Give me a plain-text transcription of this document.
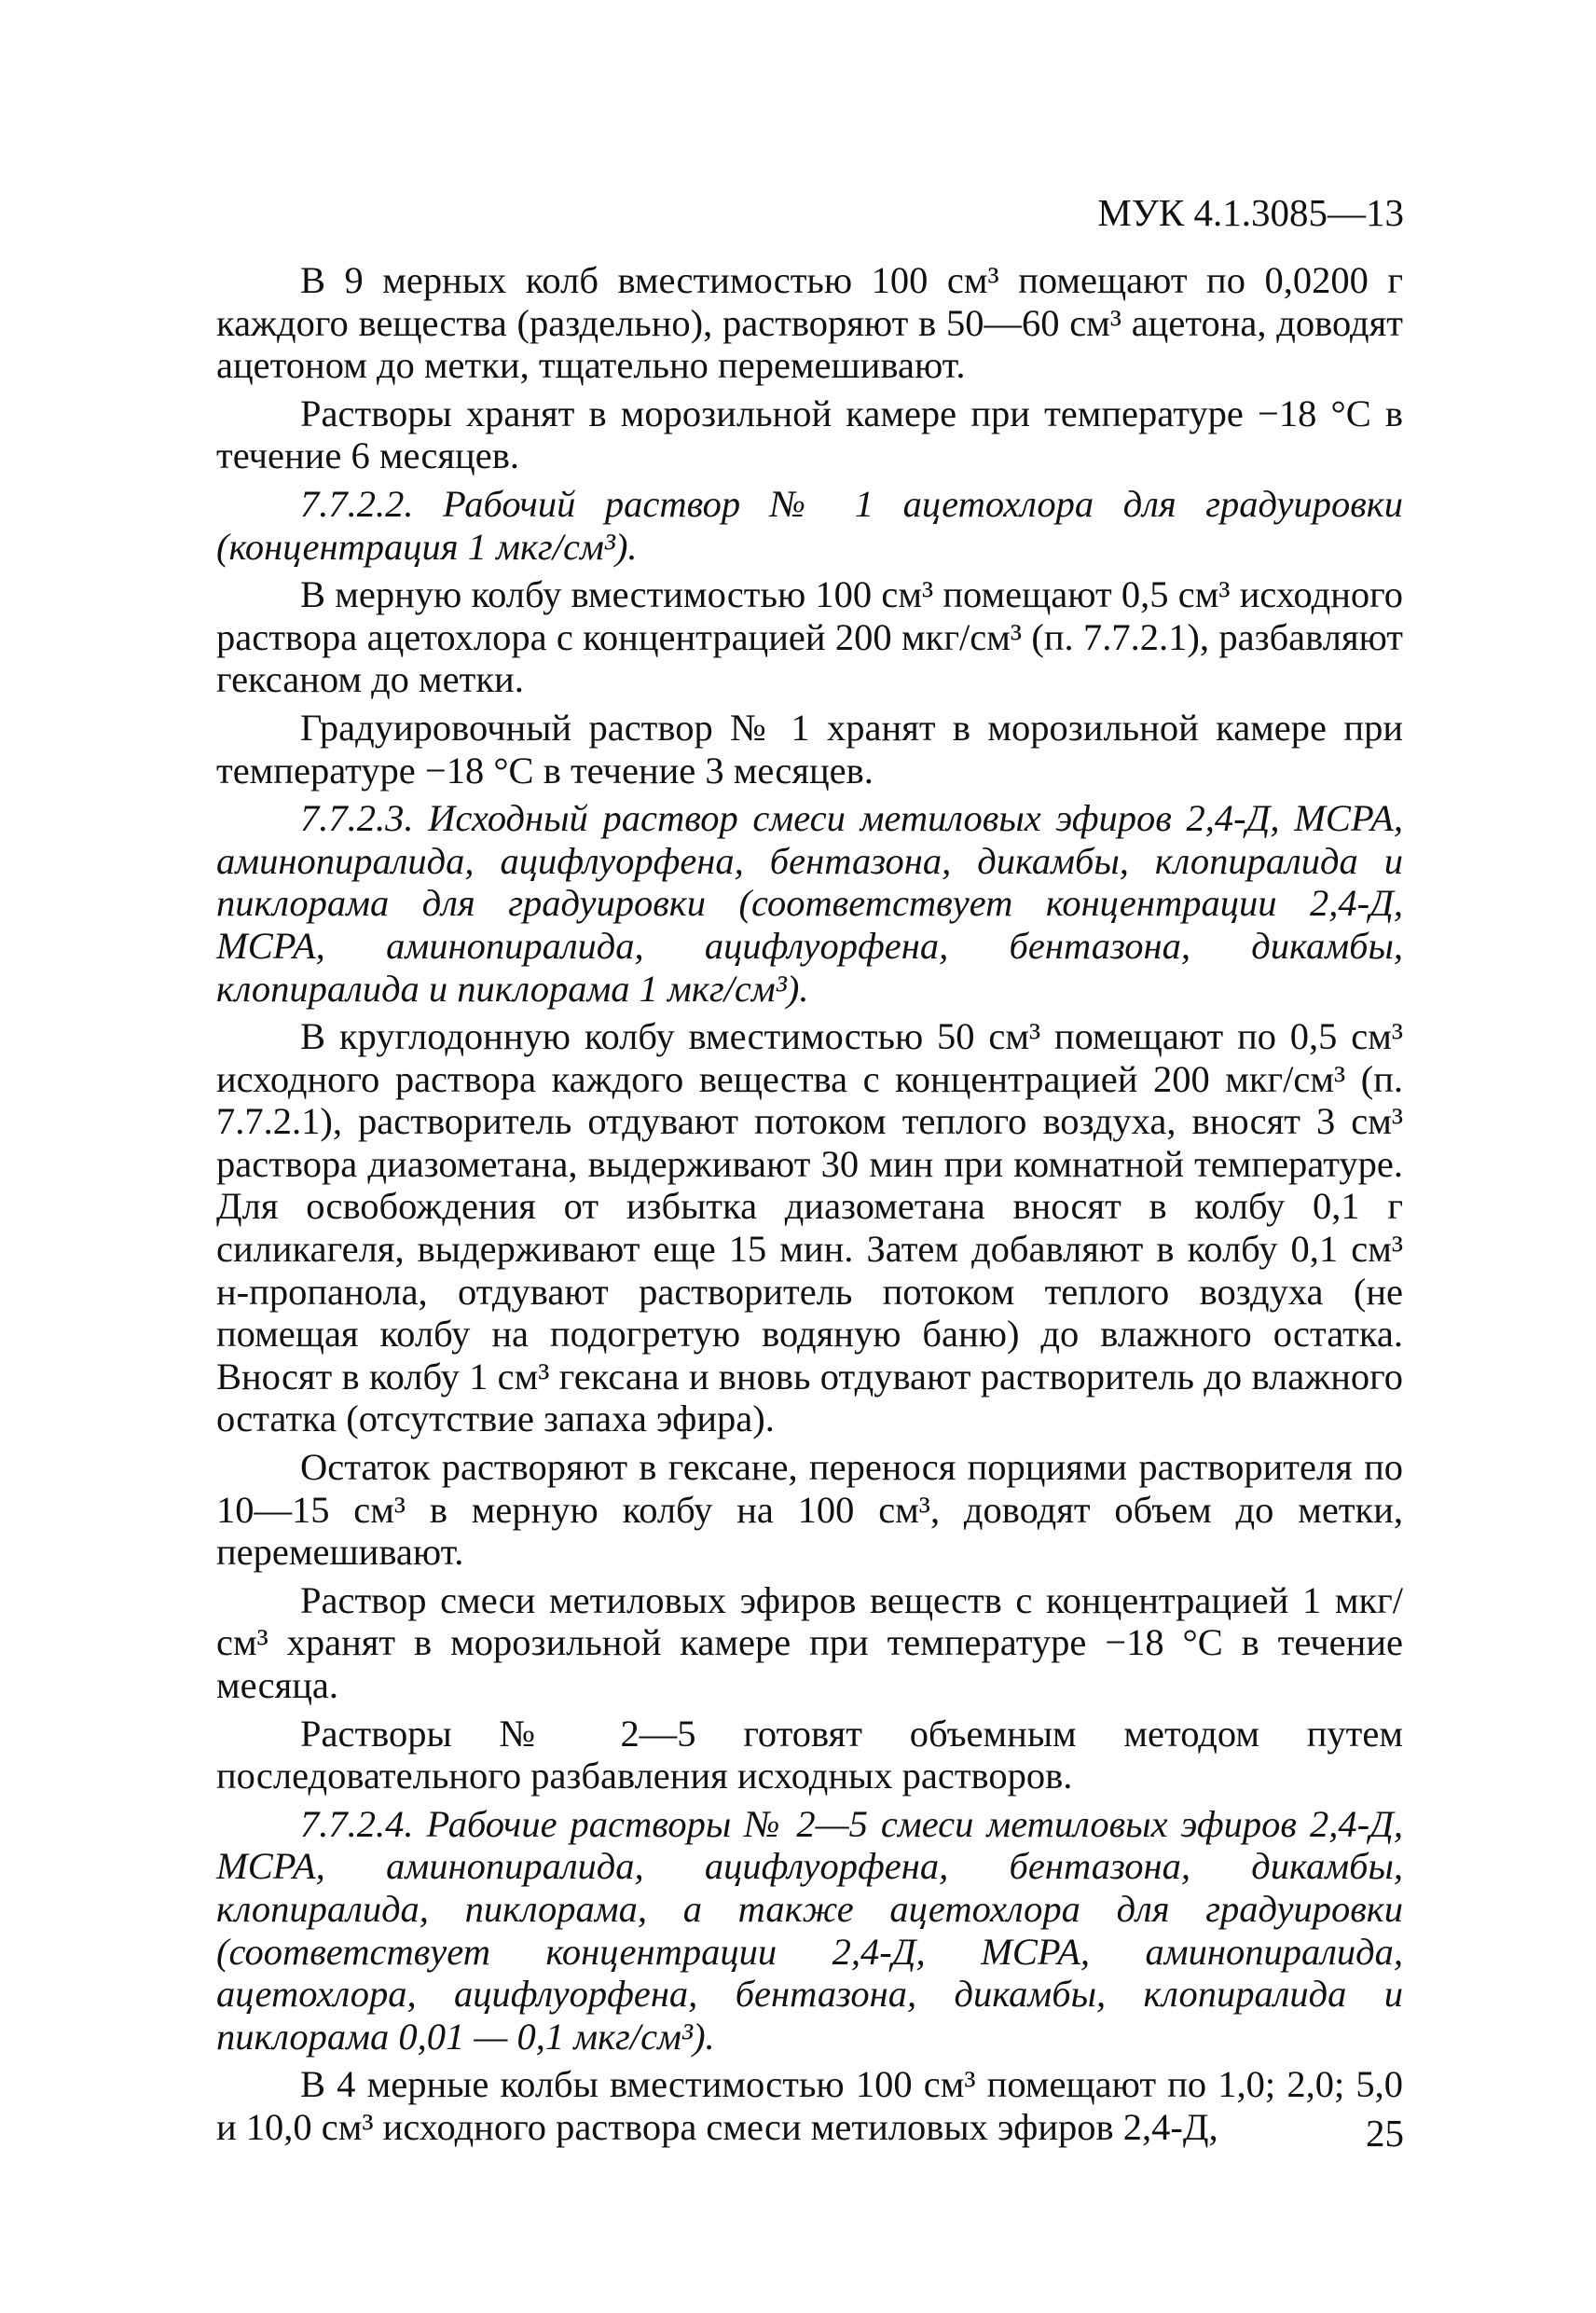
МУК 4.1.3085—13

В 9 мерных колб вместимостью 100 см³ помещают по 0,0200 г каждого вещества (раздельно), растворяют в 50—60 см³ ацетона, доводят ацетоном до метки, тщательно перемешивают.

Растворы хранят в морозильной камере при температуре −18 °С в течение 6 месяцев.

7.7.2.2. Рабочий раствор № 1 ацетохлора для градуировки (концентрация 1 мкг/см³).

В мерную колбу вместимостью 100 см³ помещают 0,5 см³ исходного раствора ацетохлора с концентрацией 200 мкг/см³ (п. 7.7.2.1), разбавляют гексаном до метки.

Градуировочный раствор № 1 хранят в морозильной камере при температуре −18 °С в течение 3 месяцев.

7.7.2.3. Исходный раствор смеси метиловых эфиров 2,4-Д, МСРА, аминопиралида, ацифлуорфена, бентазона, дикамбы, клопиралида и пиклорама для градуировки (соответствует концентрации 2,4-Д, МСРА, аминопиралида, ацифлуорфена, бентазона, дикамбы, клопиралида и пиклорама 1 мкг/см³).

В круглодонную колбу вместимостью 50 см³ помещают по 0,5 см³ исходного раствора каждого вещества с концентрацией 200 мкг/см³ (п. 7.7.2.1), растворитель отдувают потоком теплого воздуха, вносят 3 см³ раствора диазометана, выдерживают 30 мин при комнатной температуре. Для освобождения от избытка диазометана вносят в колбу 0,1 г силикагеля, выдерживают еще 15 мин. Затем добавляют в колбу 0,1 см³ н-пропанола, отдувают растворитель потоком теплого воздуха (не помещая колбу на подогретую водяную баню) до влажного остатка. Вносят в колбу 1 см³ гексана и вновь отдувают растворитель до влажного остатка (отсутствие запаха эфира).

Остаток растворяют в гексане, перенося порциями растворителя по 10—15 см³ в мерную колбу на 100 см³, доводят объем до метки, перемешивают.

Раствор смеси метиловых эфиров веществ с концентрацией 1 мкг/см³ хранят в морозильной камере при температуре −18 °С в течение месяца.

Растворы № 2—5 готовят объемным методом путем последовательного разбавления исходных растворов.

7.7.2.4. Рабочие растворы № 2—5 смеси метиловых эфиров 2,4-Д, МСРА, аминопиралида, ацифлуорфена, бентазона, дикамбы, клопиралида, пиклорама, а также ацетохлора для градуировки (соответствует концентрации 2,4-Д, МСРА, аминопиралида, ацетохлора, ацифлуорфена, бентазона, дикамбы, клопиралида и пиклорама 0,01 — 0,1 мкг/см³).

В 4 мерные колбы вместимостью 100 см³ помещают по 1,0; 2,0; 5,0 и 10,0 см³ исходного раствора смеси метиловых эфиров 2,4-Д,	25
